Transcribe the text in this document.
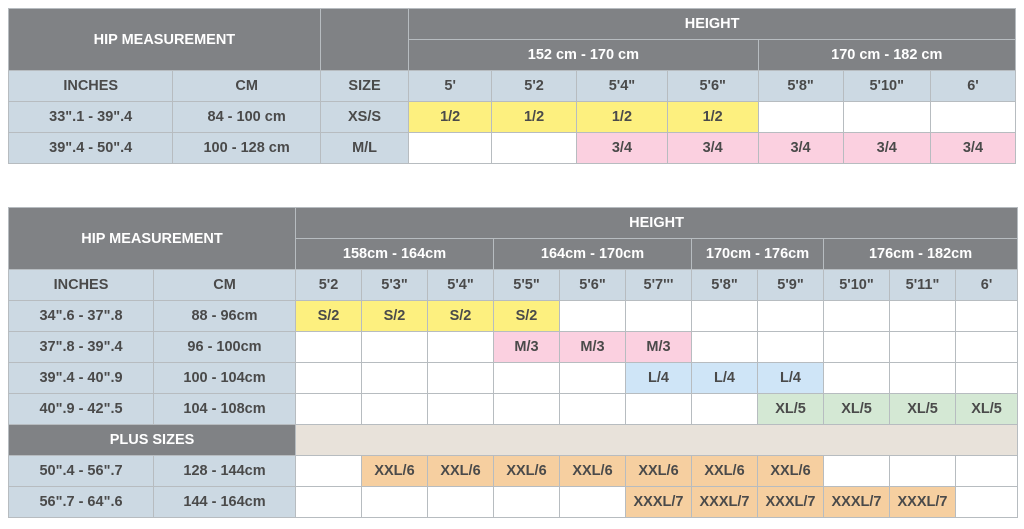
HIP MEASUREMENT			HEIGHT						
			152 cm - 170 cm				170 cm - 182 cm		
INCHES	CM	SIZE	5'	5'2	5'4"	5'6"	5'8"	5'10"	6'
33".1 - 39".4	84 - 100 cm	XS/S	1/2	1/2	1/2	1/2			
39".4 - 50".4	100 - 128 cm	M/L			3/4	3/4	3/4	3/4	3/4
HIP MEASUREMENT		HEIGHT										
		158cm - 164cm			164cm - 170cm			170cm - 176cm		176cm - 182cm		
INCHES	CM	5'2	5'3"	5'4"	5'5"	5'6"	5'7'''	5'8"	5'9"	5'10"	5'11"	6'
34".6 - 37".8	88 - 96cm	S/2	S/2	S/2	S/2							
37".8 - 39".4	96 - 100cm				M/3	M/3	M/3					
39".4 - 40".9	100 - 104cm						L/4	L/4	L/4			
40".9 - 42".5	104 - 108cm								XL/5	XL/5	XL/5	XL/5
PLUS SIZES												
50".4 - 56".7	128 - 144cm		XXL/6	XXL/6	XXL/6	XXL/6	XXL/6	XXL/6	XXL/6			
56".7 - 64".6	144 - 164cm						XXXL/7	XXXL/7	XXXL/7	XXXL/7	XXXL/7	
